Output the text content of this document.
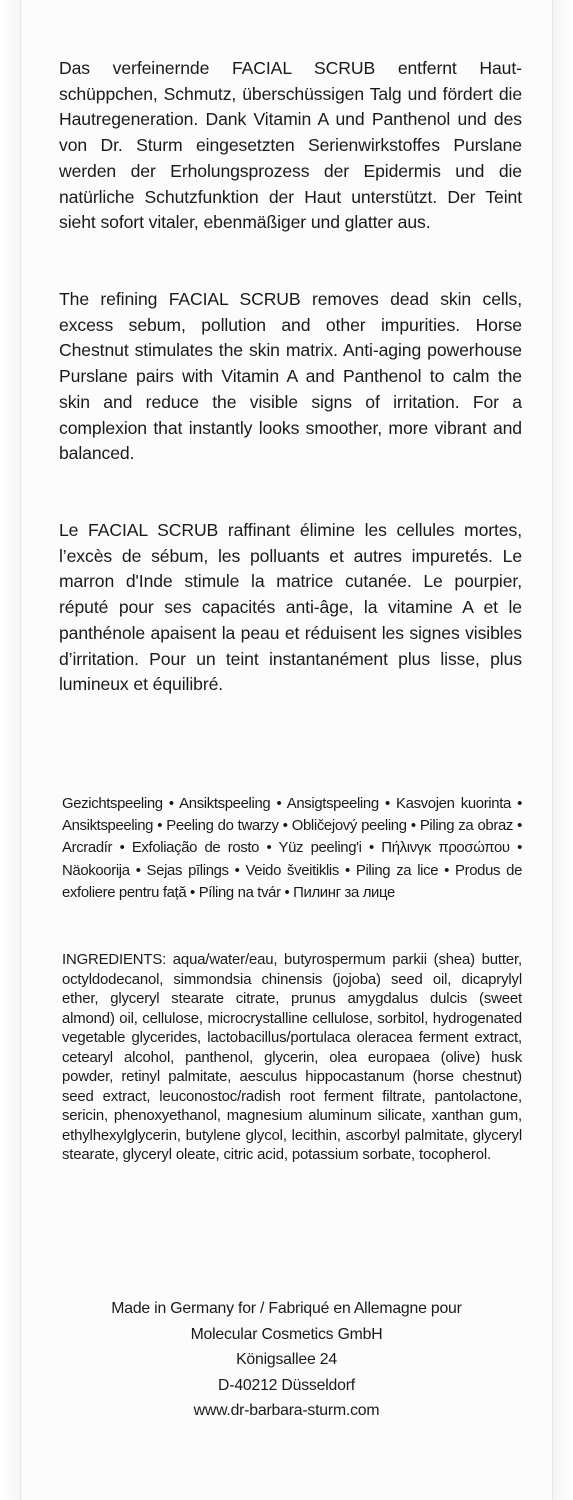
Das verfeinernde FACIAL SCRUB entfernt Hautschüppchen, Schmutz, überschüssigen Talg und fördert die Hautregeneration. Dank Vitamin A und Panthenol und des von Dr. Sturm eingesetzten Serienwirkstoffes Purslane werden der Erholungsprozess der Epidermis und die natürliche Schutzfunktion der Haut unterstützt. Der Teint sieht sofort vitaler, ebenmäßiger und glatter aus.

The refining FACIAL SCRUB removes dead skin cells, excess sebum, pollution and other impurities. Horse Chestnut stimulates the skin matrix. Anti-aging powerhouse Purslane pairs with Vitamin A and Panthenol to calm the skin and reduce the visible signs of irritation. For a complexion that instantly looks smoother, more vibrant and balanced.

Le FACIAL SCRUB raffinant élimine les cellules mortes, l’excès de sébum, les polluants et autres impuretés. Le marron d'Inde stimule la matrice cutanée. Le pourpier, réputé pour ses capacités anti-âge, la vitamine A et le panthénole apaisent la peau et réduisent les signes visibles d’irritation. Pour un teint instantanément plus lisse, plus lumineux et équilibré.

Gezichtspeeling • Ansiktspeeling • Ansigtspeeling • Kasvojen kuorinta • Ansiktspeeling • Peeling do twarzy • Obličejový peeling • Piling za obraz • Arcradír • Exfoliação de rosto • Yüz peeling'i • Πήλινγκ προσώπου • Näokoorija • Sejas pīlings • Veido šveitiklis • Piling za lice • Produs de exfoliere pentru față • Píling na tvár • Пилинг за лице

INGREDIENTS: aqua/water/eau, butyrospermum parkii (shea) butter, octyldodecanol, simmondsia chinensis (jojoba) seed oil, dicaprylyl ether, glyceryl stearate citrate, prunus amygdalus dulcis (sweet almond) oil, cellulose, microcrystalline cellulose, sorbitol, hydrogenated vegetable glycerides, lactobacillus/portulaca oleracea ferment extract, cetearyl alcohol, panthenol, glycerin, olea europaea (olive) husk powder, retinyl palmitate, aesculus hippocastanum (horse chestnut) seed extract, leuconostoc/radish root ferment filtrate, pantolactone, sericin, phenoxyethanol, magnesium aluminum silicate, xanthan gum, ethylhexylglycerin, butylene glycol, lecithin, ascorbyl palmitate, glyceryl stearate, glyceryl oleate, citric acid, potassium sorbate, tocopherol.

Made in Germany for / Fabriqué en Allemagne pour
Molecular Cosmetics GmbH
Königsallee 24
D-40212 Düsseldorf
www.dr-barbara-sturm.com
